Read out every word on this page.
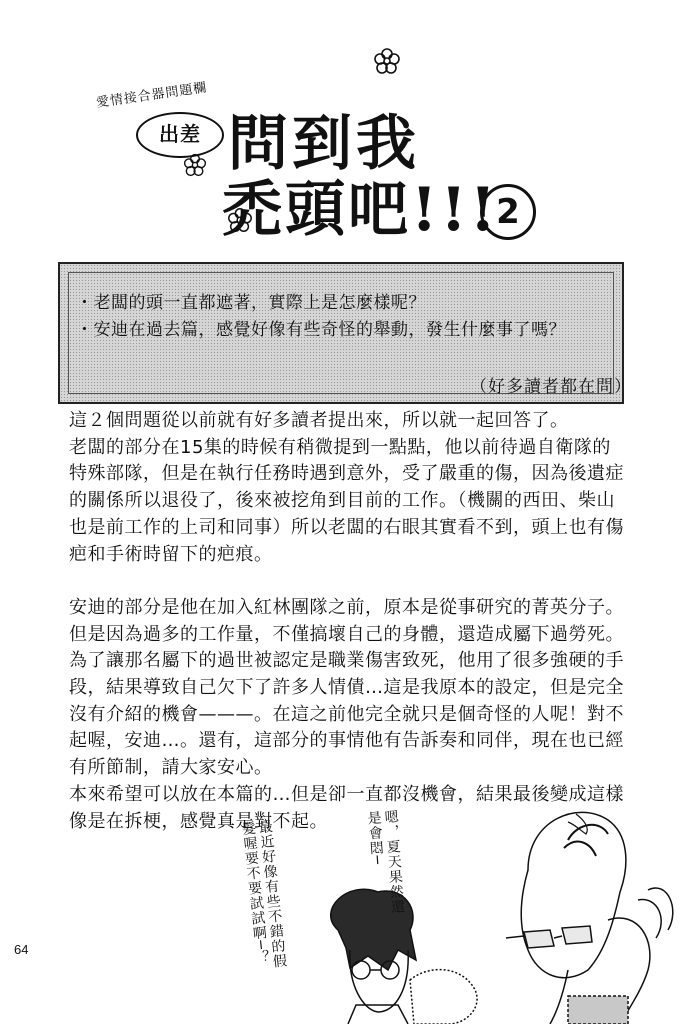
愛情接合器問題欄
出差 問到我
禿頭吧!!!
2
・老闆的頭一直都遮著，實際上是怎麼樣呢？
・安迪在過去篇，感覺好像有些奇怪的舉動，發生什麼事了嗎？
（好多讀者都在問）

這２個問題從以前就有好多讀者提出來，所以就一起回答了。

老闆的部分在15集的時候有稍微提到一點點，他以前待過自衛隊的特殊部隊，但是在執行任務時遇到意外，受了嚴重的傷，因為後遺症的關係所以退役了，後來被挖角到目前的工作。（機關的西田、柴山也是前工作的上司和同事）所以老闆的右眼其實看不到，頭上也有傷疤和手術時留下的疤痕。

安迪的部分是他在加入紅林團隊之前，原本是從事研究的菁英分子。但是因為過多的工作量，不僅搞壞自己的身體，還造成屬下過勞死。為了讓那名屬下的過世被認定是職業傷害致死，他用了很多強硬的手段，結果導致自己欠下了許多人情債…這是我原本的設定，但是完全沒有介紹的機會———。在這之前他完全就只是個奇怪的人呢！對不起喔，安迪…。還有，這部分的事情他有告訴奏和同伴，現在也已經有所節制，請大家安心。

本來希望可以放在本篇的…但是卻一直都沒機會，結果最後變成這樣像是在拆梗，感覺真是對不起。

最近好像有些不錯的假髮喔要不要試試啊─？	嗯，夏天果然還是會悶─
64
